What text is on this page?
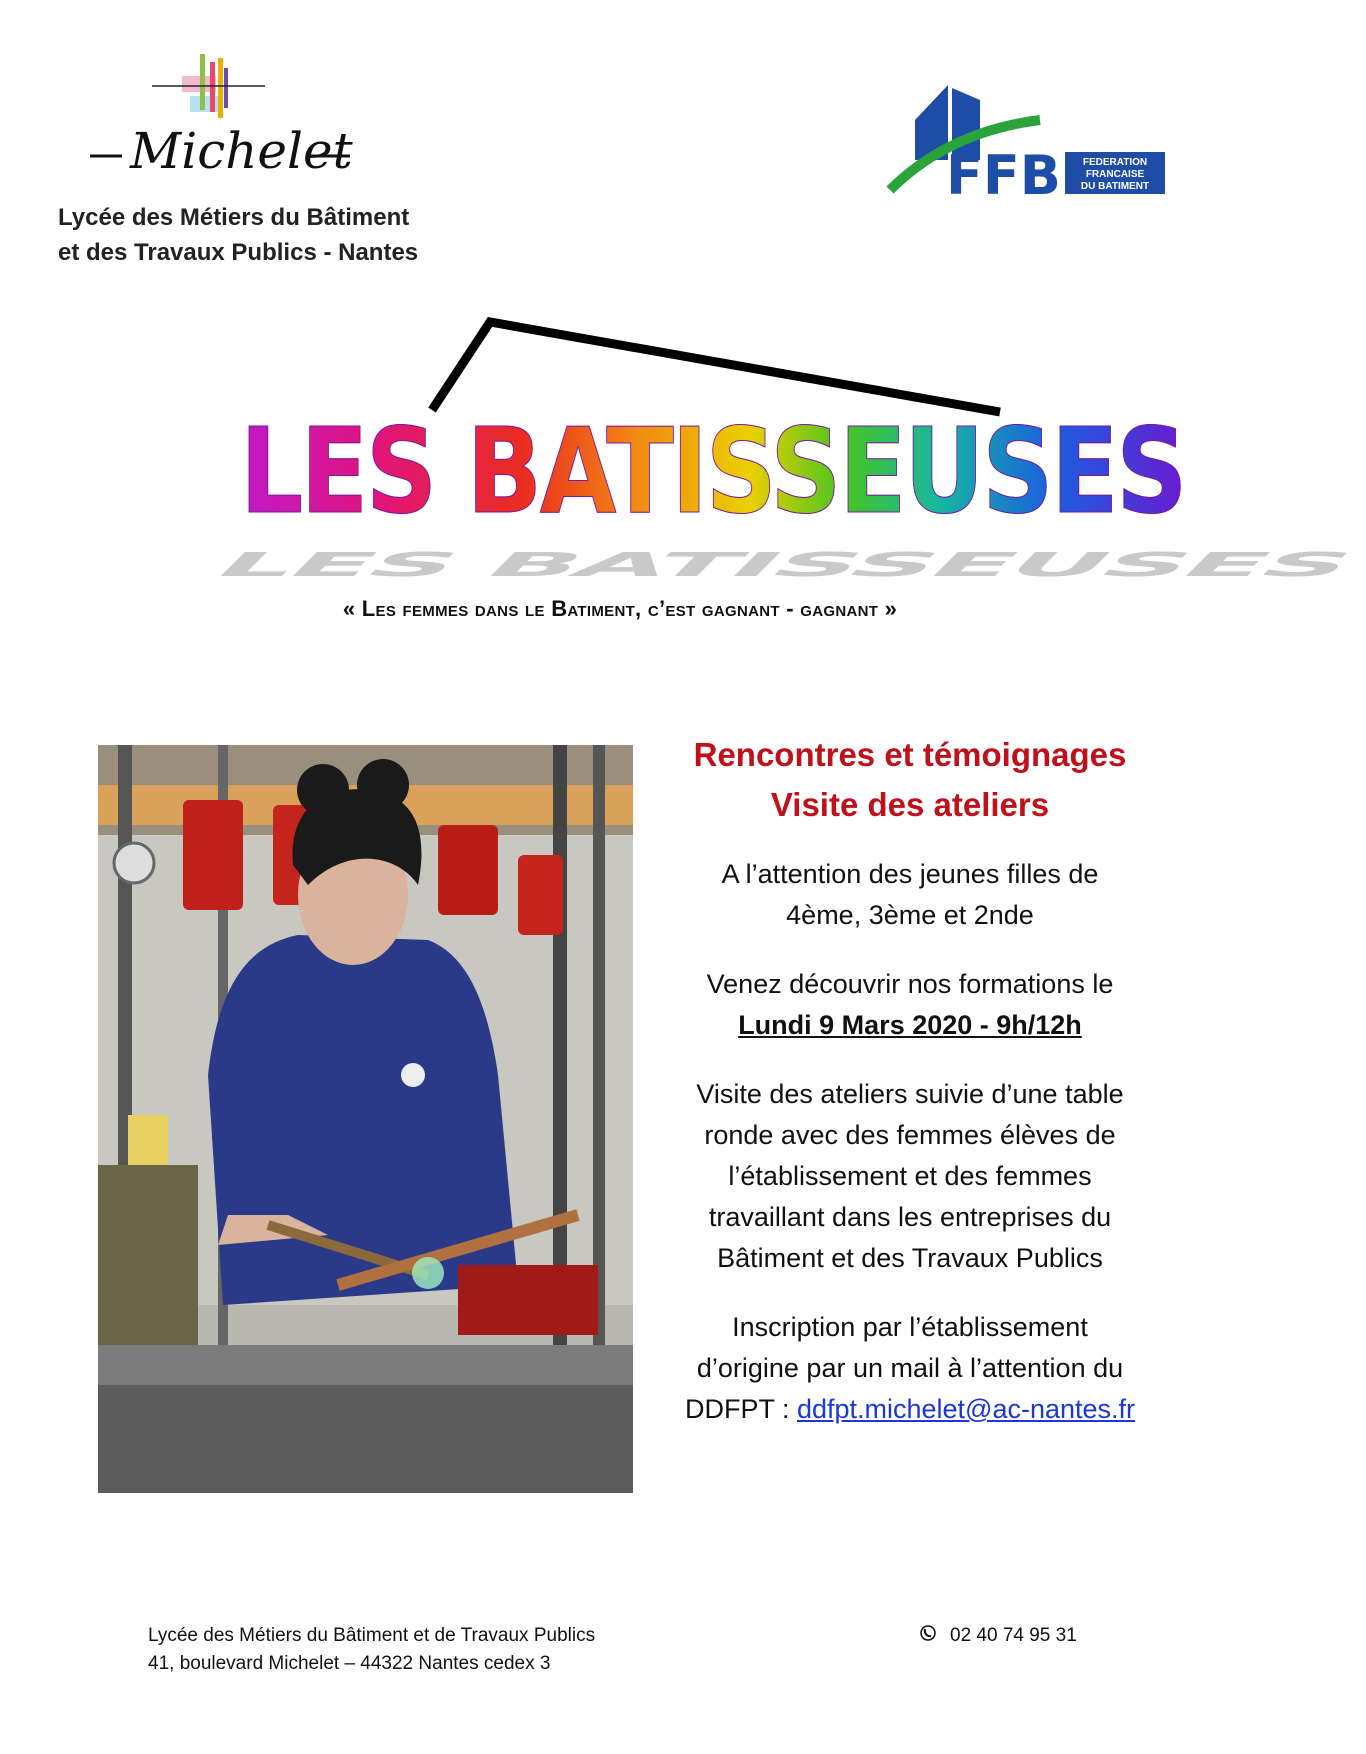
Michelet
Lycée des Métiers du Bâtiment
et des Travaux Publics - Nantes
FFB FEDERATION
FRANCAISE
DU BATIMENT
LES BATISSEUSES
LES BATISSEUSES
« Les femmes dans le Batiment, c’est gagnant - gagnant »
Rencontres et témoignages
Visite des ateliers
A l’attention des jeunes filles de
4ème, 3ème et 2nde
Venez découvrir nos formations le
Lundi 9 Mars 2020 - 9h/12h
Visite des ateliers suivie d’une table
ronde avec des femmes élèves de
l’établissement et des femmes
travaillant dans les entreprises du
Bâtiment et des Travaux Publics
Inscription par l’établissement
d’origine par un mail à l’attention du
DDFPT : ddfpt.michelet@ac-nantes.fr
Lycée des Métiers du Bâtiment et de Travaux Publics
41, boulevard Michelet – 44322 Nantes cedex 3
02 40 74 95 31
